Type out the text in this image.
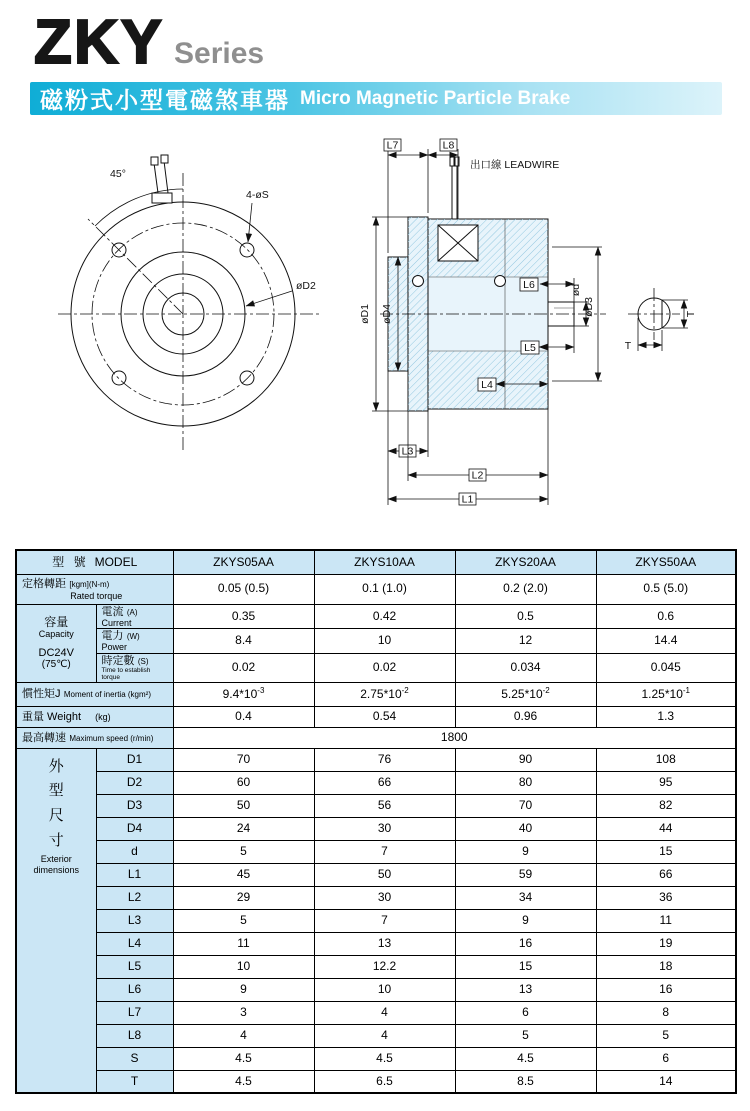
ZKY Series
磁粉式小型電磁煞車器 Micro Magnetic Particle Brake
45°
4-øS
øD2
出口線 LEADWIRE
L7	L8
øD1 øD4
L6	ød
øD3
L5
L4
L3
L2
L1
T
T
型 號 MODEL		ZKYS05AA	ZKYS10AA	ZKYS20AA	ZKYS50AA

定格轉距 [kgm](N-m)
Rated torque		0.05 (0.5)	0.1 (1.0)	0.2 (2.0)	0.5 (5.0)

容量
Capacity
DC24V
(75℃)

電流 (A)
Current
	0.35	0.42	0.5	0.6

	電力 (W)
Power	8.4	10	12	14.4

	時定數 (S)
Time to establish torque	0.02	0.02	0.034	0.045
慣性矩J Moment of inertia (kgm²)		$9.4*10^{-3}$	$2.75*10^{-2}$	$5.25*10^{-2}$	$1.25*10^{-1}$
重量 Weight (kg)		0.4	0.54	0.96	1.3
最高轉速 Maximum speed (r/min)		1800			

外
型
尺
寸
Exterior
dimensions
	D1	70	76	90	108
	D2	60	66	80	95
	D3	50	56	70	82
	D4	24	30	40	44
	d	5	7	9	15
	L1	45	50	59	66
	L2	29	30	34	36
	L3	5	7	9	11
	L4	11	13	16	19
	L5	10	12.2	15	18
	L6	9	10	13	16
	L7	3	4	6	8
	L8	4	4	5	5
	S	4.5	4.5	4.5	6
	T	4.5	6.5	8.5	14
